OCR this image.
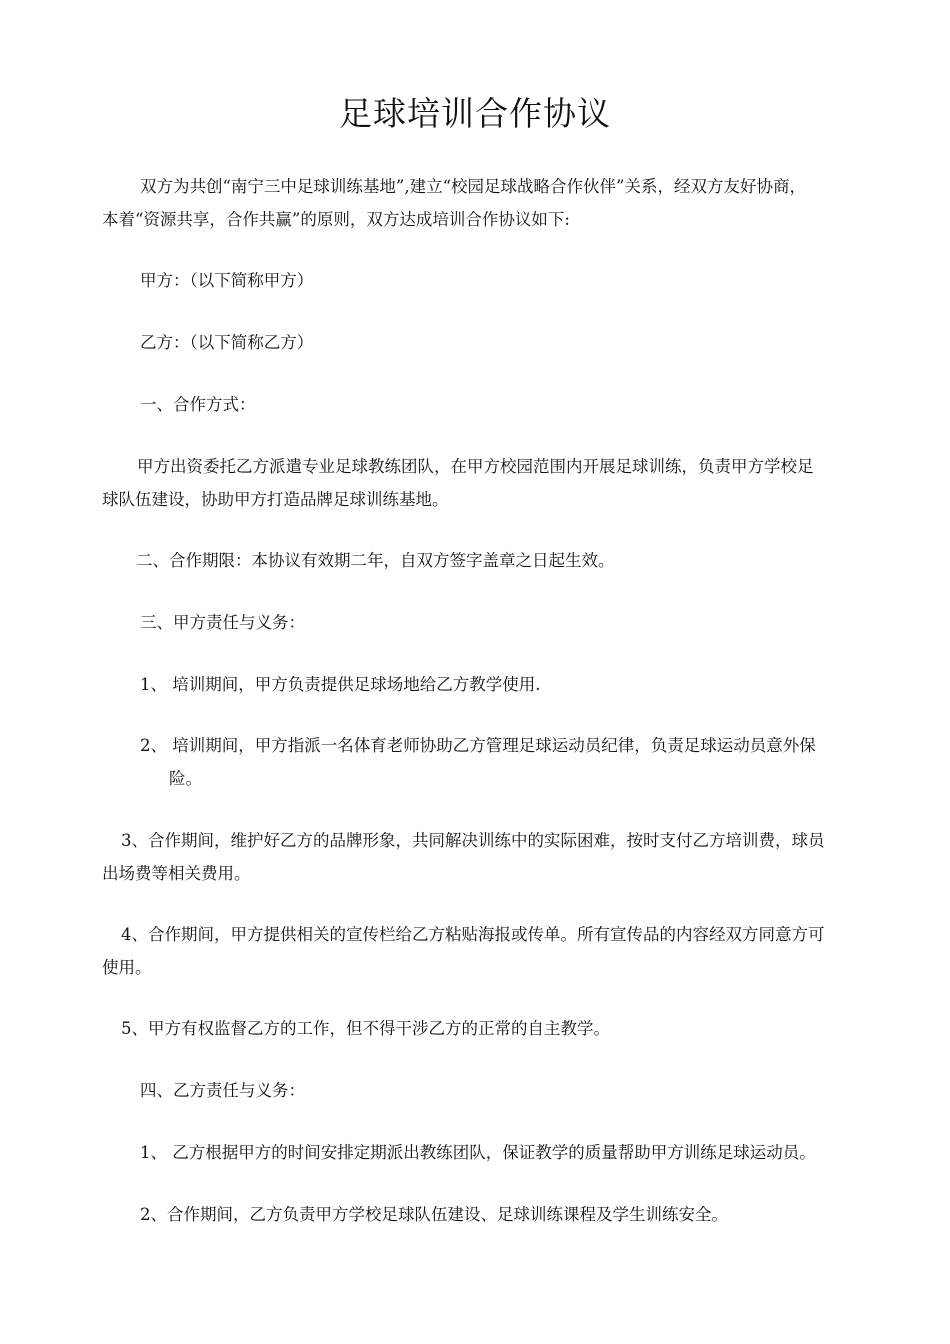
足球培训合作协议
双方为共创“南宁三中足球训练基地”,建立“校园足球战略合作伙伴”关系，经双方友好协商，
本着“资源共享，合作共赢”的原则，双方达成培训合作协议如下:
甲方：（以下简称甲方）
乙方：（以下简称乙方）
一、合作方式：
甲方出资委托乙方派遣专业足球教练团队，在甲方校园范围内开展足球训练，负责甲方学校足
球队伍建设，协助甲方打造品牌足球训练基地。
二、合作期限：本协议有效期二年，自双方签字盖章之日起生效。
三、甲方责任与义务：
1、 培训期间，甲方负责提供足球场地给乙方教学使用.
2、 培训期间，甲方指派一名体育老师协助乙方管理足球运动员纪律，负责足球运动员意外保
险。
3、合作期间，维护好乙方的品牌形象，共同解决训练中的实际困难，按时支付乙方培训费，球员
出场费等相关费用。
4、合作期间，甲方提供相关的宣传栏给乙方粘贴海报或传单。所有宣传品的内容经双方同意方可
使用。
5、甲方有权监督乙方的工作，但不得干涉乙方的正常的自主教学。
四、乙方责任与义务：
1、 乙方根据甲方的时间安排定期派出教练团队，保证教学的质量帮助甲方训练足球运动员。
2、合作期间，乙方负责甲方学校足球队伍建设、足球训练课程及学生训练安全。
